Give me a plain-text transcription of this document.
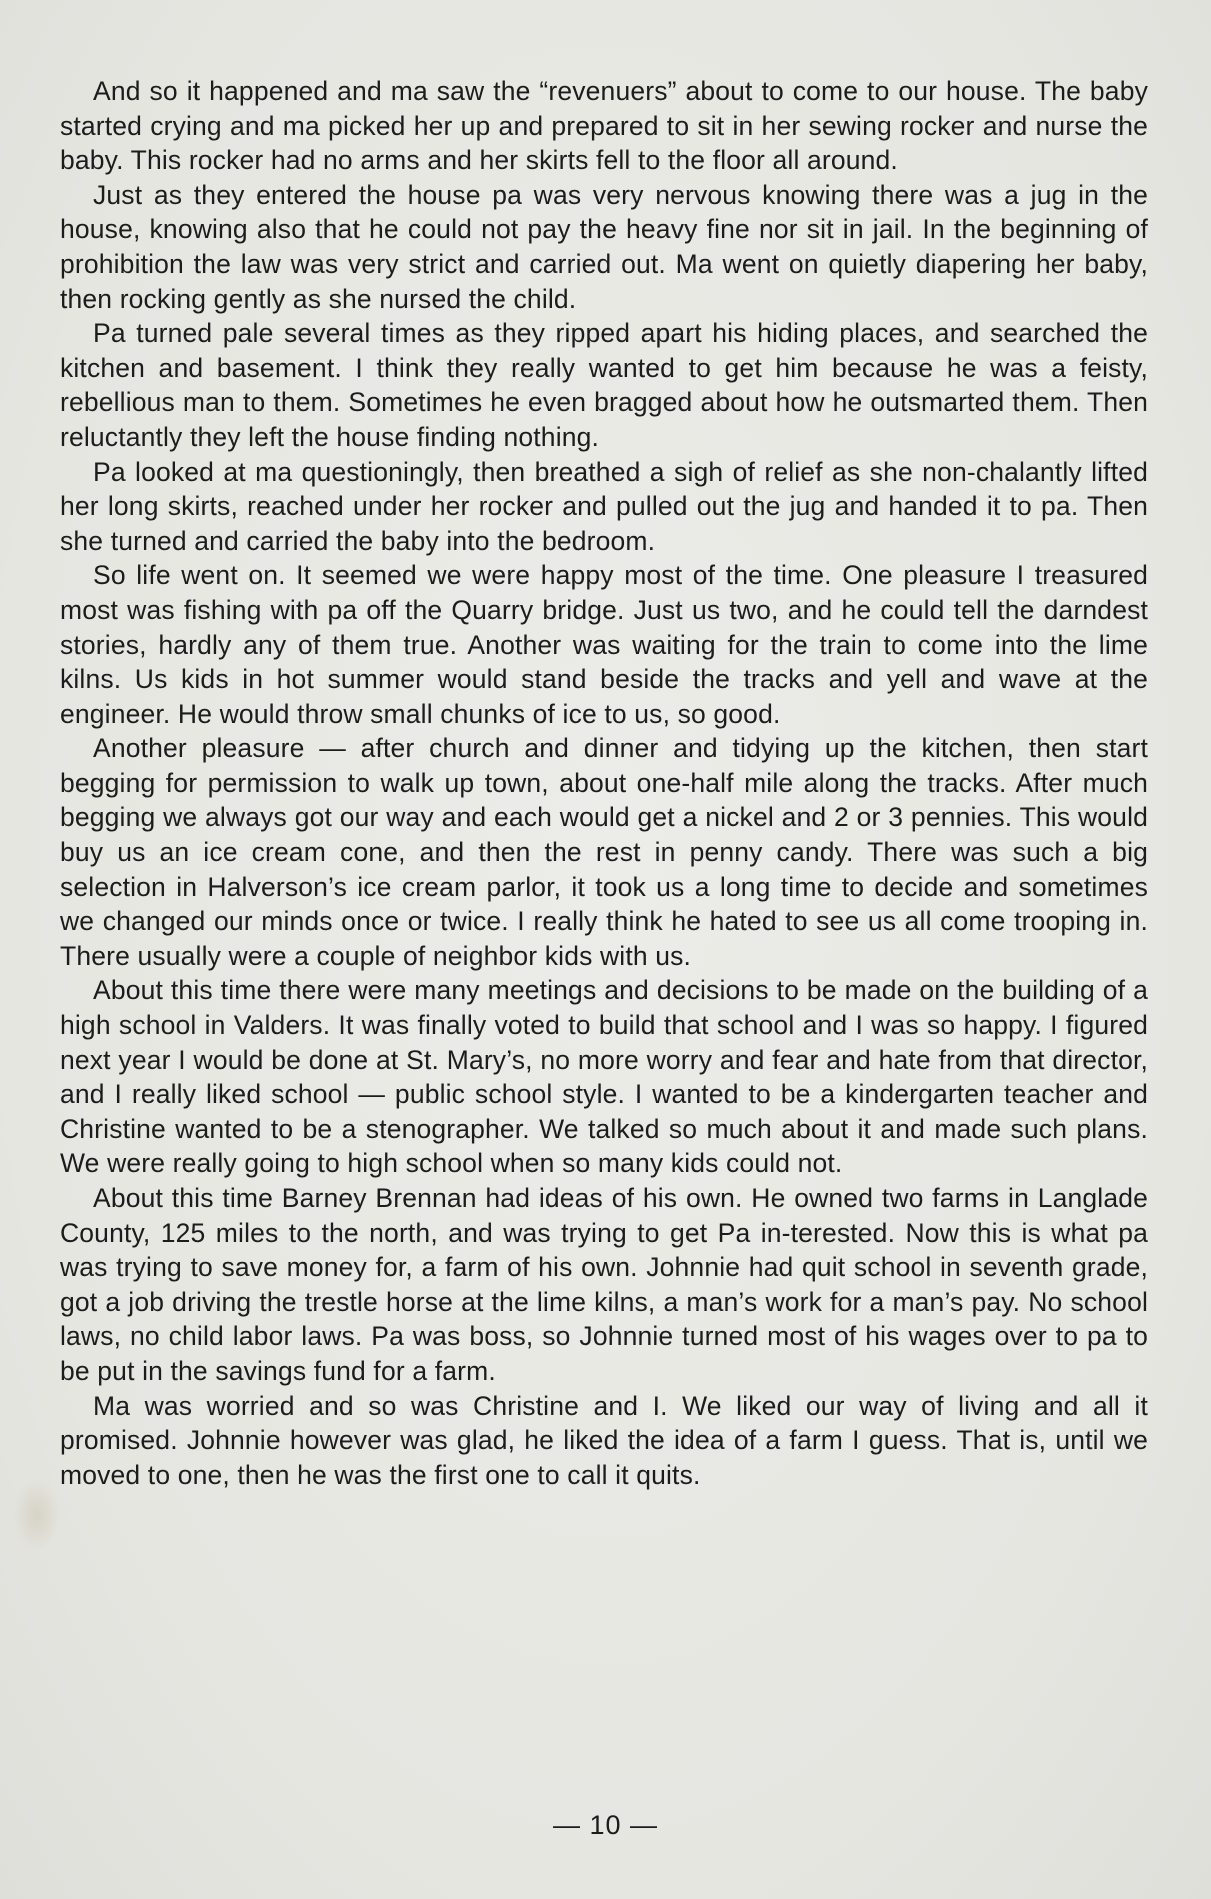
And so it happened and ma saw the “revenuers” about to come to our house. The baby started crying and ma picked her up and prepared to sit in her sewing rocker and nurse the baby. This rocker had no arms and her skirts fell to the floor all around.

Just as they entered the house pa was very nervous knowing there was a jug in the house, knowing also that he could not pay the heavy fine nor sit in jail. In the beginning of prohibition the law was very strict and carried out. Ma went on quietly diapering her baby, then rocking gently as she nursed the child.

Pa turned pale several times as they ripped apart his hiding places, and searched the kitchen and basement. I think they really wanted to get him because he was a feisty, rebellious man to them. Sometimes he even bragged about how he outsmarted them. Then reluctantly they left the house finding nothing.

Pa looked at ma questioningly, then breathed a sigh of relief as she non-chalantly lifted her long skirts, reached under her rocker and pulled out the jug and handed it to pa. Then she turned and carried the baby into the bedroom.

So life went on. It seemed we were happy most of the time. One pleasure I treasured most was fishing with pa off the Quarry bridge. Just us two, and he could tell the darndest stories, hardly any of them true. Another was waiting for the train to come into the lime kilns. Us kids in hot summer would stand beside the tracks and yell and wave at the engineer. He would throw small chunks of ice to us, so good.

Another pleasure — after church and dinner and tidying up the kitchen, then start begging for permission to walk up town, about one-half mile along the tracks. After much begging we always got our way and each would get a nickel and 2 or 3 pennies. This would buy us an ice cream cone, and then the rest in penny candy. There was such a big selection in Halverson’s ice cream parlor, it took us a long time to decide and sometimes we changed our minds once or twice. I really think he hated to see us all come trooping in. There usually were a couple of neighbor kids with us.

About this time there were many meetings and decisions to be made on the building of a high school in Valders. It was finally voted to build that school and I was so happy. I figured next year I would be done at St. Mary’s, no more worry and fear and hate from that director, and I really liked school — public school style. I wanted to be a kindergarten teacher and Christine wanted to be a stenographer. We talked so much about it and made such plans. We were really going to high school when so many kids could not.

About this time Barney Brennan had ideas of his own. He owned two farms in Langlade County, 125 miles to the north, and was trying to get Pa in-terested. Now this is what pa was trying to save money for, a farm of his own. Johnnie had quit school in seventh grade, got a job driving the trestle horse at the lime kilns, a man’s work for a man’s pay. No school laws, no child labor laws. Pa was boss, so Johnnie turned most of his wages over to pa to be put in the savings fund for a farm.

Ma was worried and so was Christine and I. We liked our way of living and all it promised. Johnnie however was glad, he liked the idea of a farm I guess. That is, until we moved to one, then he was the first one to call it quits.

— 10 —
